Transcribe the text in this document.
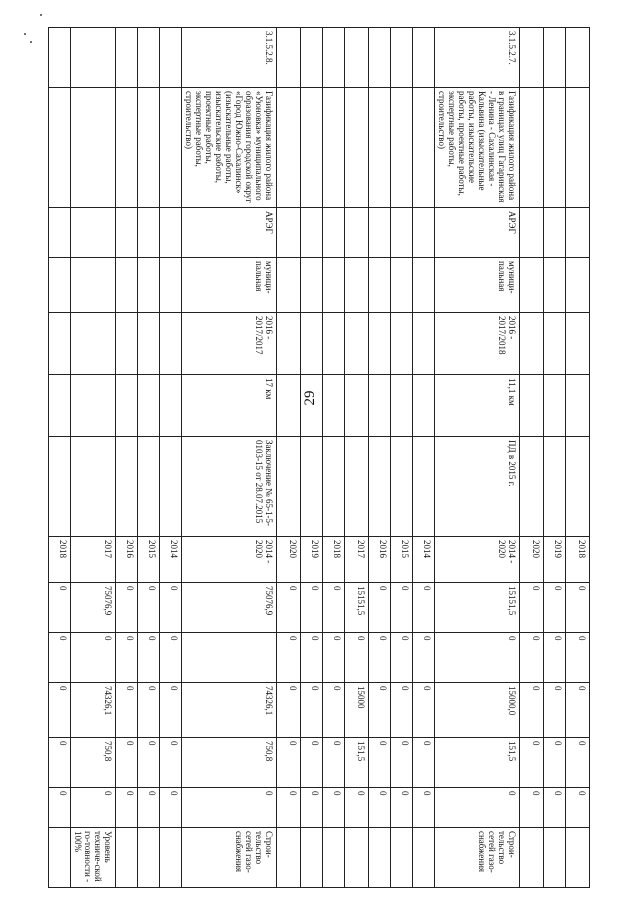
29
							2018	0	0	0	0	0	
							2019	0	0	0	0	0	
							2020	0	0	0	0	0	
3.1.5.2.7.	Газификация жилого района в границах улиц Гагаринская - Ленина - Сахалинская - Кальвина (изыскательные работы, изыскательские работы, проектные работы, экспертные работы, строительство)	АРЭГ	муници-пальная	2016 - 2017/2018	11,1 км	ПД в 2015 г.	2014 - 2020	15151,5	0	15000,0	151,5	0	Строи-тельство сетей газо-снабжения
							2014	0	0	0	0	0	
							2015	0	0	0	0	0	
							2016	0	0	0	0	0	
							2017	15151,5	0	15000	151,5	0	
							2018	0	0	0	0	0	
							2019	0	0	0	0	0	
							2020	0	0	0	0	0	
3.1.5.2.8.	Газификация жилого района «Уюновка» муниципального образования городской округ «Город Южно-Сахалинск» (изыскательные работы, изыскательские работы, проектные работы, экспертные работы, строительство)	АРЭГ	муници-пальная	2016 - 2017/2017	17 км	Заключение № 65-1-5-0103-15 от 28.07.2015	2014 - 2020	75076,9		74326,1	750,8	0	Строи-тельство сетей газо-снабжения
							2014	0	0	0	0	0	
							2015	0	0	0	0	0	
							2016	0	0	0	0	0	
							2017	75076,9	0	74326,1	750,8	0	Уровень техниче-ской го-товности - 100%
							2018	0	0	0	0	0	
